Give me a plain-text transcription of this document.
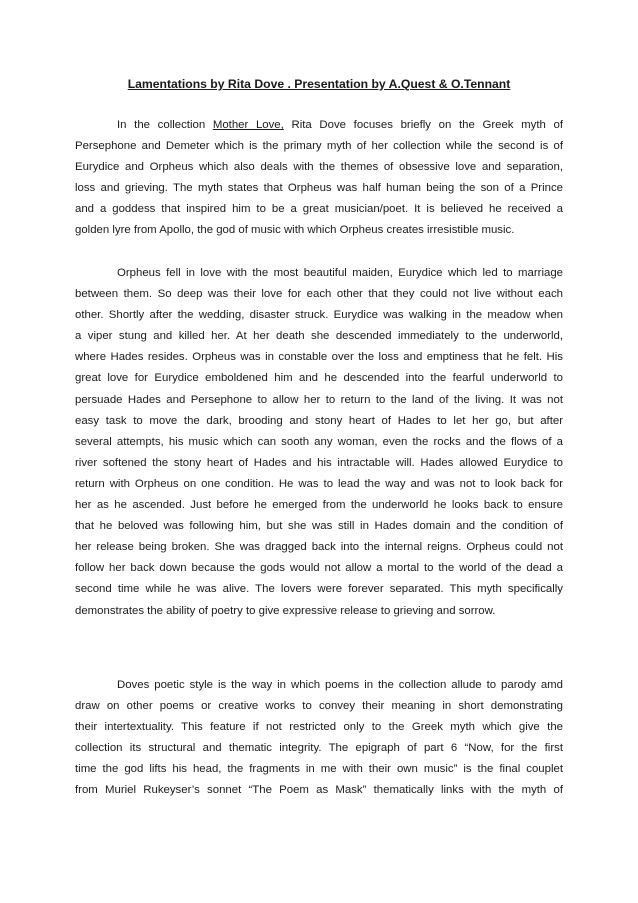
Lamentations by Rita Dove . Presentation by A.Quest & O.Tennant
In the collection Mother Love, Rita Dove focuses briefly on the Greek myth of
Persephone and Demeter which is the primary myth of her collection while the second is of
Eurydice and Orpheus which also deals with the themes of obsessive love and separation,
loss and grieving. The myth states that Orpheus was half human being the son of a Prince
and a goddess that inspired him to be a great musician/poet. It is believed he received a
golden lyre from Apollo, the god of music with which Orpheus creates irresistible music.
Orpheus fell in love with the most beautiful maiden, Eurydice which led to marriage
between them. So deep was their love for each other that they could not live without each
other. Shortly after the wedding, disaster struck. Eurydice was walking in the meadow when
a viper stung and killed her. At her death she descended immediately to the underworld,
where Hades resides. Orpheus was in constable over the loss and emptiness that he felt. His
great love for Eurydice emboldened him and he descended into the fearful underworld to
persuade Hades and Persephone to allow her to return to the land of the living. It was not
easy task to move the dark, brooding and stony heart of Hades to let her go, but after
several attempts, his music which can sooth any woman, even the rocks and the flows of a
river softened the stony heart of Hades and his intractable will. Hades allowed Eurydice to
return with Orpheus on one condition. He was to lead the way and was not to look back for
her as he ascended. Just before he emerged from the underworld he looks back to ensure
that he beloved was following him, but she was still in Hades domain and the condition of
her release being broken. She was dragged back into the internal reigns. Orpheus could not
follow her back down because the gods would not allow a mortal to the world of the dead a
second time while he was alive. The lovers were forever separated. This myth specifically
demonstrates the ability of poetry to give expressive release to grieving and sorrow.
Doves poetic style is the way in which poems in the collection allude to parody amd
draw on other poems or creative works to convey their meaning in short demonstrating
their intertextuality. This feature if not restricted only to the Greek myth which give the
collection its structural and thematic integrity. The epigraph of part 6 “Now, for the first
time the god lifts his head, the fragments in me with their own music” is the final couplet
from Muriel Rukeyser’s sonnet “The Poem as Mask” thematically links with the myth of
